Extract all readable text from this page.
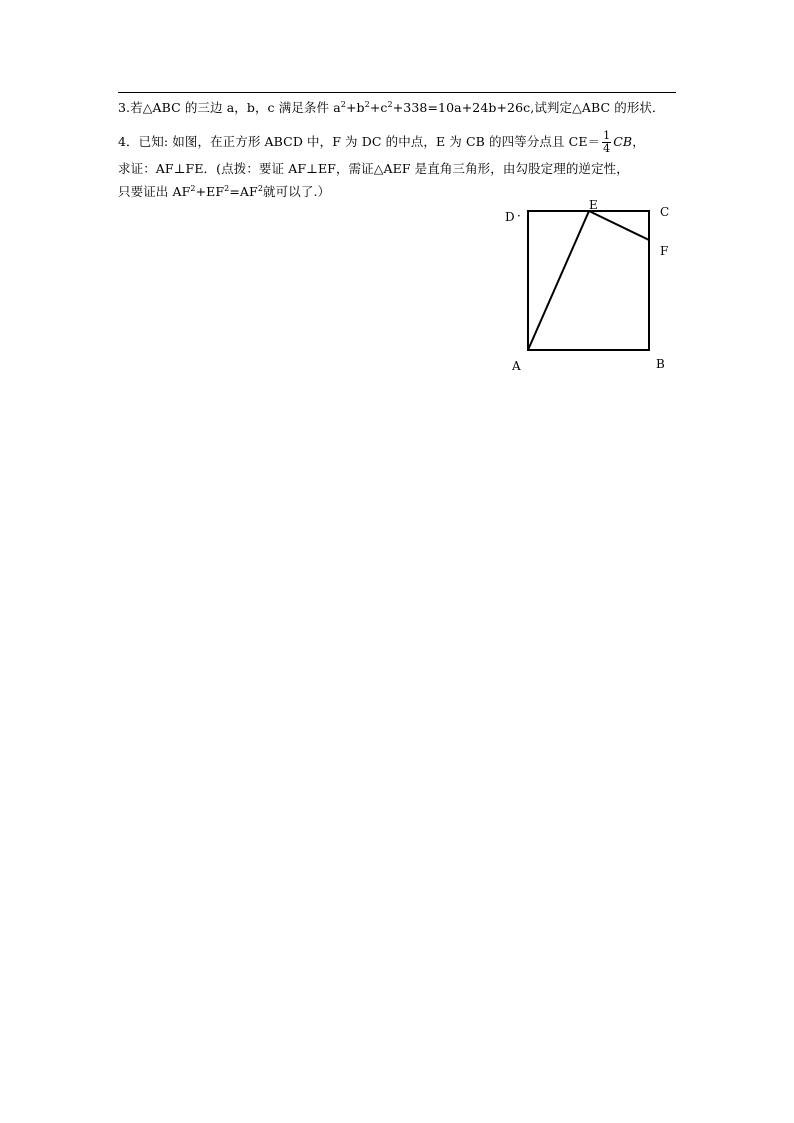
3.若△ABC 的三边 a，b，c 满足条件 $a^2+b^2+c^2+338=10a+24b+26c$,试判定△ABC 的形状．
4．已知: 如图，在正方形 ABCD 中，F 为 DC 的中点，E 为 CB 的四等分点且 $CE= \frac{1}{4}$ CB，
求证：AF⊥FE．(点拨：要证 AF⊥EF，需证△AEF 是直角三角形，由勾股定理的逆定性，
只要证出 $AF^2+EF^2=AF^2$就可以了.）
D ·	C
E
F
A	B
